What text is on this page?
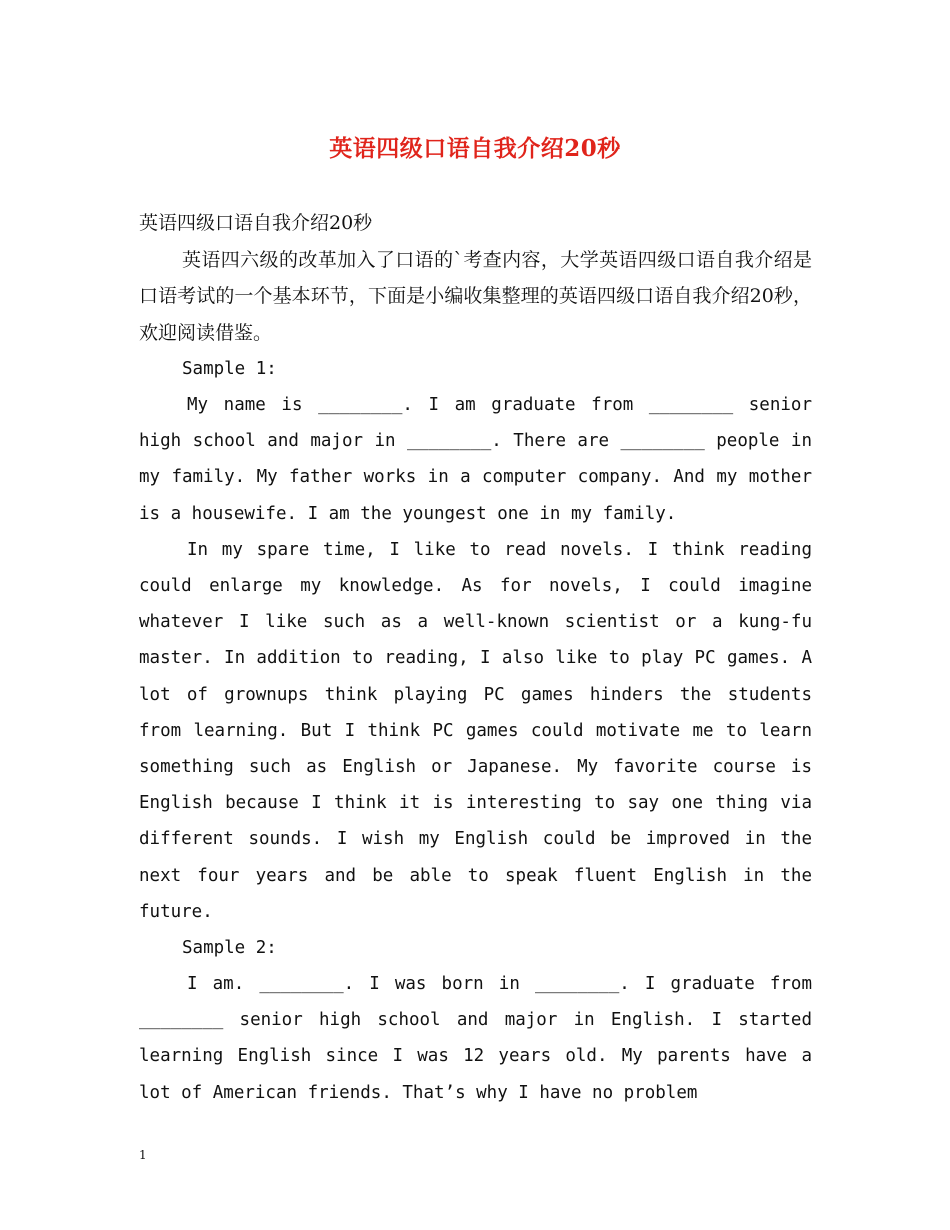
英语四级口语自我介绍20秒

英语四级口语自我介绍20秒

英语四六级的改革加入了口语的`考查内容，大学英语四级口语自我介绍是口语考试的一个基本环节，下面是小编收集整理的英语四级口语自我介绍20秒，欢迎阅读借鉴。

Sample 1:

My name is ________. I am graduate from ________ senior high school and major in ________. There are ________ people in my family. My father works in a computer company. And my mother is a housewife. I am the youngest one in my family.

In my spare time, I like to read novels. I think reading could enlarge my knowledge. As for novels, I could imagine whatever I like such as a well-known scientist or a kung-fu master. In addition to reading, I also like to play PC games. A lot of grownups think playing PC games hinders the students from learning. But I think PC games could motivate me to learn something such as English or Japanese. My favorite course is English because I think it is interesting to say one thing via different sounds. I wish my English could be improved in the next four years and be able to speak fluent English in the future.

Sample 2:

I am. ________. I was born in ________. I graduate from ________ senior high school and major in English. I started learning English since I was 12 years old. My parents have a lot of American friends. That’s why I have no problem

1
